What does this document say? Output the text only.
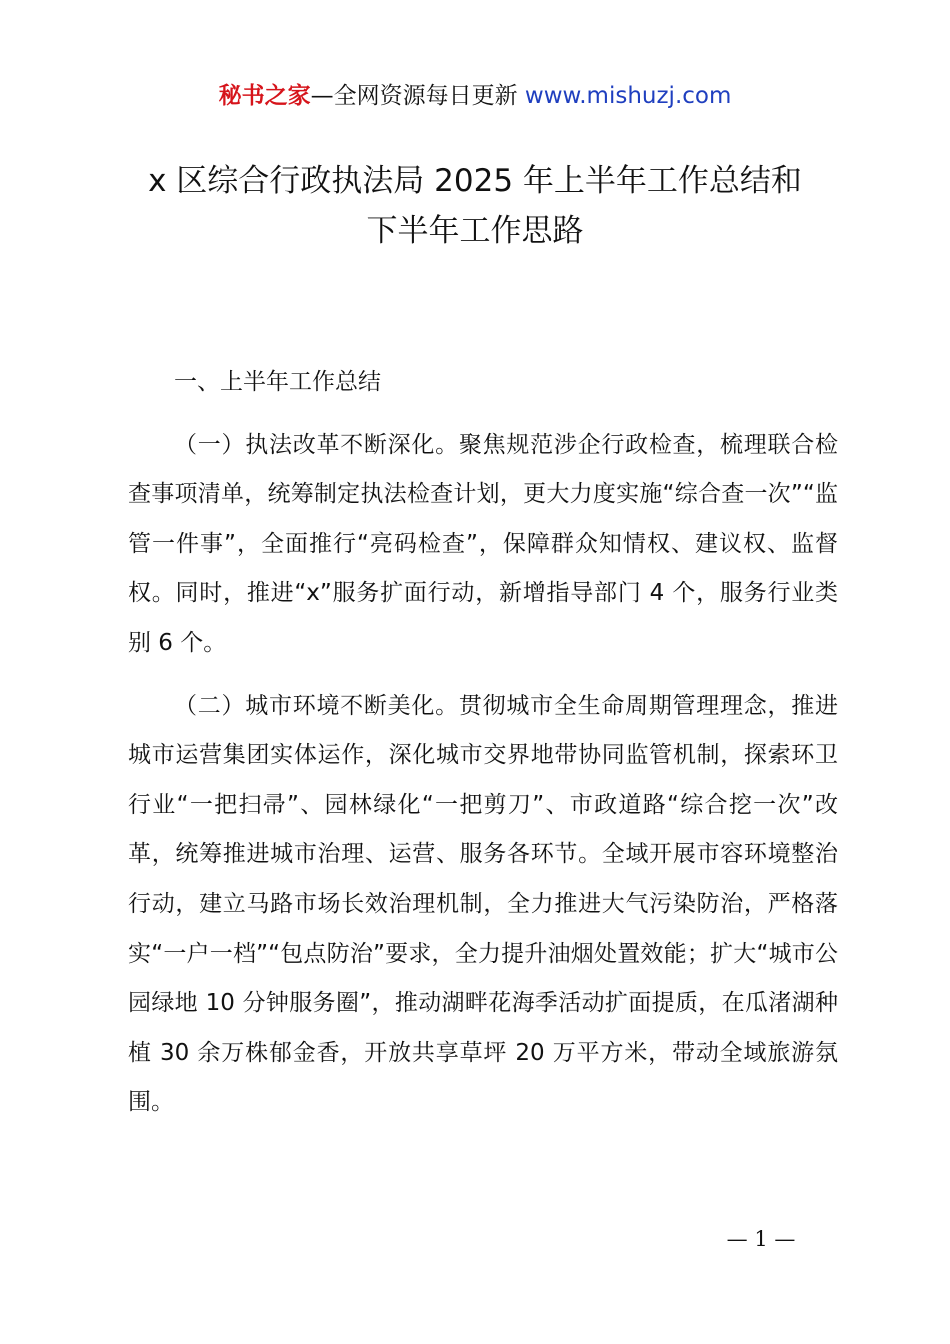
秘书之家—全网资源每日更新 www.mishuzj.com
x 区综合行政执法局 2025 年上半年工作总结和
下半年工作思路

一、上半年工作总结

（一）执法改革不断深化。聚焦规范涉企行政检查，梳理联合检查事项清单，统筹制定执法检查计划，更大力度实施“综合查一次”“监管一件事”，全面推行“亮码检查”，保障群众知情权、建议权、监督权。同时，推进“x”服务扩面行动，新增指导部门 4 个，服务行业类别 6 个。

（二）城市环境不断美化。贯彻城市全生命周期管理理念，推进城市运营集团实体运作，深化城市交界地带协同监管机制，探索环卫行业“一把扫帚”、园林绿化“一把剪刀”、市政道路“综合挖一次”改革，统筹推进城市治理、运营、服务各环节。全域开展市容环境整治行动，建立马路市场长效治理机制，全力推进大气污染防治，严格落实“一户一档”“包点防治”要求，全力提升油烟处置效能；扩大“城市公园绿地 10 分钟服务圈”，推动湖畔花海季活动扩面提质，在瓜渚湖种植 30 余万株郁金香，开放共享草坪 20 万平方米，带动全域旅游氛围。

— 1 —
